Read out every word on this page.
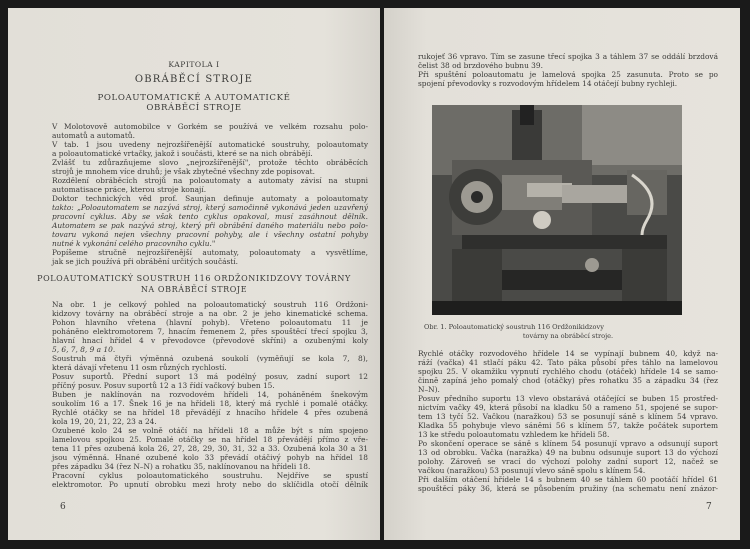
KAPITOLA I
OBRÁBĚCÍ STROJE
POLOAUTOMATICKÉ A AUTOMATICKÉ
OBRÁBĚCÍ STROJE
V Molotovově automobilce v Gorkém se používá ve velkém rozsahu polo-
automatů a automatů.
V tab. 1 jsou uvedeny nejrozšířenější automatické soustruhy, poloautomaty
a poloautomatické vrtačky, jakož i součásti, které se na nich obrábějí.
Zvlášť tu zdůrazňujeme slovo „nejrozšířenější", protože těchto obráběcích
strojů je mnohem více druhů; je však zbytečné všechny zde popisovat.
Rozdělení obráběcích strojů na poloautomaty a automaty závisí na stupni
automatisace práce, kterou stroje konají.
Doktor technických věd prof. Saunjan definuje automaty a poloautomaty
takto: „Poloautomatem se nazývá stroj, který samočinně vykonává jeden uzavřený
pracovní cyklus. Aby se však tento cyklus opakoval, musí zasáhnout dělník.
Automatem se pak nazývá stroj, který při obrábění daného materiálu nebo polo-
tovaru vykoná nejen všechny pracovní pohyby, ale i všechny ostatní pohyby
nutné k vykonání celého pracovního cyklu."
Popíšeme stručně nejrozšířenější automaty, poloautomaty a vysvětlíme,
jak se jich používá při obrábění určitých součástí.
POLOAUTOMATICKÝ SOUSTRUH 116 ORDŽONIKIDZOVY TOVÁRNY
NA OBRÁBĚCÍ STROJE
Na obr. 1 je celkový pohled na poloautomatický soustruh 116 Ordžoni-
kidzovy továrny na obráběcí stroje a na obr. 2 je jeho kinematické schema.
Pohon hlavního vřetena (hlavní pohyb). Vřeteno poloautomatu 11 je
poháněno elektromotorem 7, hnacím řemenem 2, přes spouštěcí třecí spojku 3,
hlavní hnací hřídel 4 v převodovce (převodové skříni) a ozubenými koly
5, 6, 7, 8, 9 a 10.
Soustruh má čtyři výměnná ozubená soukolí (vyměňují se kola 7, 8),
která dávají vřetenu 11 osm různých rychlostí.
Posuv suportů. Přední suport 13 má podélný posuv, zadní suport 12
příčný posuv. Posuv suportů 12 a 13 řídí vačkový buben 15.
Buben je naklínován na rozvodovém hřídeli 14, poháněném šnekovým
soukolím 16 a 17. Šnek 16 je na hřídeli 18, který má rychlé i pomalé otáčky.
Rychlé otáčky se na hřídel 18 převádějí z hnacího hřídele 4 přes ozubená
kola 19, 20, 21, 22, 23 a 24.
Ozubené kolo 24 se volně otáčí na hřídeli 18 a může být s ním spojeno
lamelovou spojkou 25. Pomalé otáčky se na hřídel 18 převádějí přímo z vře-
tena 11 přes ozubená kola 26, 27, 28, 29, 30, 31, 32 a 33. Ozubená kola 30 a 31
jsou výměnná. Hnané ozubené kolo 33 převádí otáčivý pohyb na hřídel 18
přes západku 34 (řez N–N) a rohatku 35, naklínovanou na hřídeli 18.
Pracovní cyklus poloautomatického soustruhu. Nejdříve se spustí
elektromotor. Po upnutí obrobku mezi hroty nebo do sklíčidla otočí dělník
6
rukojeť 36 vpravo. Tím se zasune třecí spojka 3 a táhlem 37 se oddálí brzdová
čelist 38 od brzdového bubnu 39.
Při spuštění poloautomatu je lamelová spojka 25 zasunuta. Proto se po
spojení převodovky s rozvodovým hřídelem 14 otáčejí bubny rychleji.
Obr. 1. Poloautomatický soustruh 116 Ordžonikidzovy
továrny na obráběcí stroje.
Rychlé otáčky rozvodového hřídele 14 se vypínají bubnem 40, když na-
ráží (vačka) 41 stlačí páku 42. Tato páka působí přes táhlo na lamelovou
spojku 25. V okamžiku vypnutí rychlého chodu (otáček) hřídele 14 se samo-
činně zapíná jeho pomalý chod (otáčky) přes rohatku 35 a západku 34 (řez
N–N).
Posuv předního suportu 13 vlevo obstarává otáčející se buben 15 prostřed-
nictvím vačky 49, která působí na kladku 50 a rameno 51, spojené se supor-
tem 13 tyčí 52. Vačkou (naražkou) 53 se posunují sáně s klínem 54 vpravo.
Kladka 55 pohybuje vlevo sáněmi 56 s klínem 57, takže počátek suportem
13 ke středu poloautomatu vzhledem ke hřídeli 58.
Po skončení operace se sáně s klínem 54 posunují vpravo a odsunují suport
13 od obrobku. Vačka (naražka) 49 na bubnu odsunuje suport 13 do výchozí
polohy. Zároveň se vrací do výchozí polohy zadní suport 12, načež se
vačkou (naražkou) 53 posunují vlevo sáně spolu s klínem 54.
Při dalším otáčení hřídele 14 s bubnem 40 se táhlem 60 pootáčí hřídel 61
spouštěcí páky 36, která se působením pružiny (na schematu není znázor-
7
